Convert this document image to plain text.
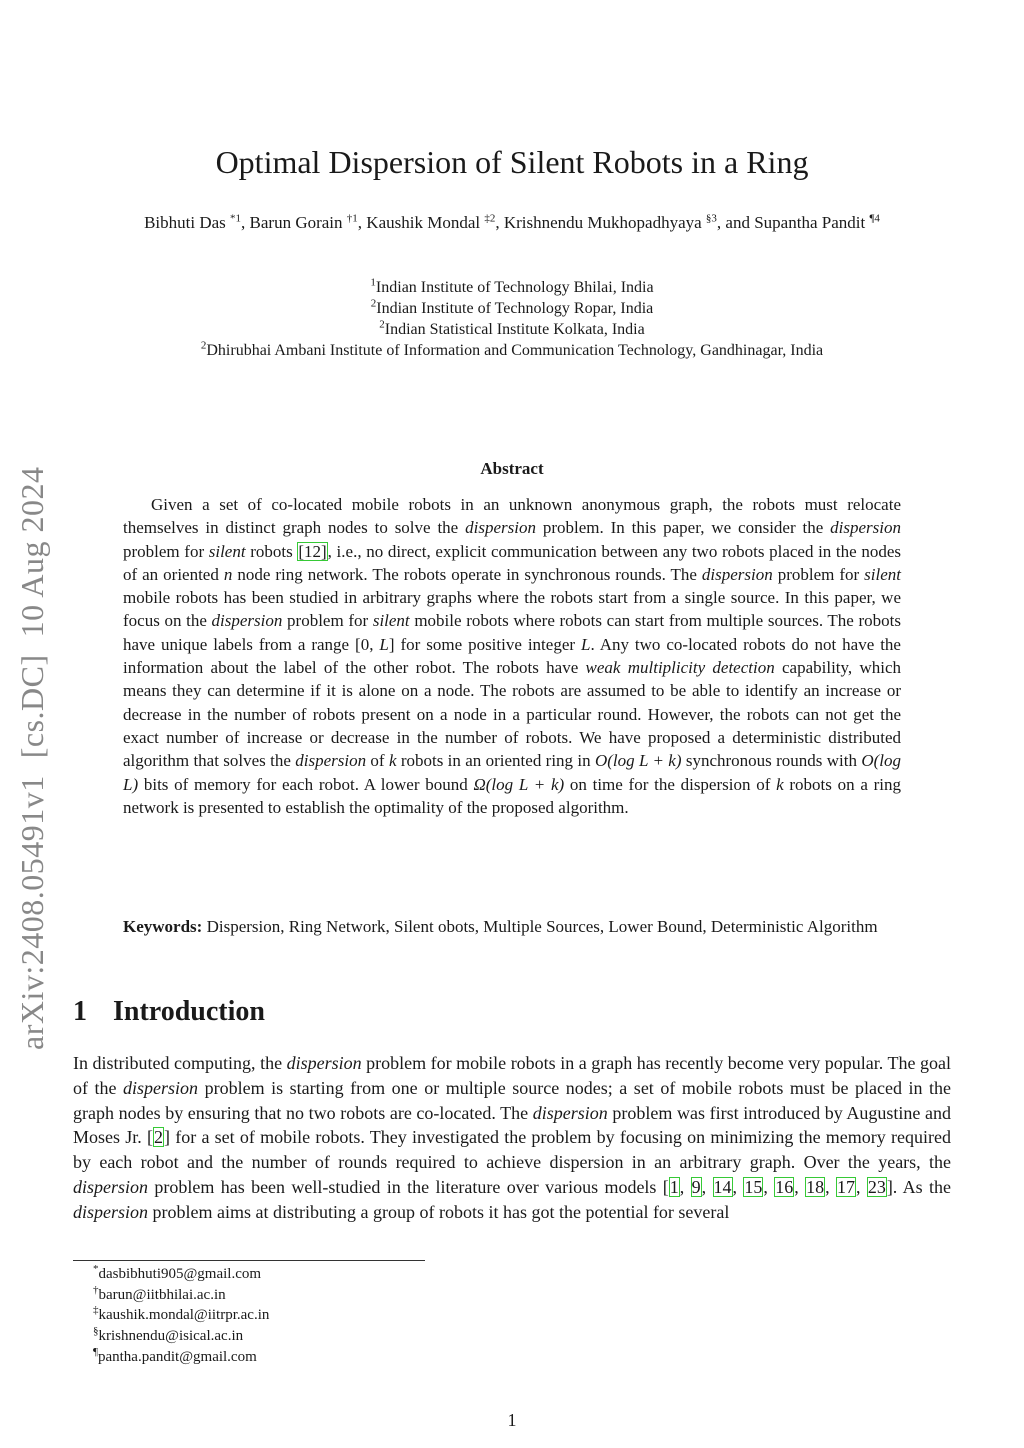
Optimal Dispersion of Silent Robots in a Ring
Bibhuti Das $^{*1}$, Barun Gorain $^{\dagger 1}$, Kaushik Mondal $^{\ddagger 2}$, Krishnendu Mukhopadhyaya $^{\S 3}$, and Supantha Pandit $^{\P 4}$
$^1$Indian Institute of Technology Bhilai, India
$^2$Indian Institute of Technology Ropar, India
$^2$Indian Statistical Institute Kolkata, India
$^2$Dhirubhai Ambani Institute of Information and Communication Technology, Gandhinagar, India
arXiv:2408.05491v1  [cs.DC]  10 Aug 2024	Abstract
Given a set of co-located mobile robots in an unknown anonymous graph, the robots must relocate themselves in distinct graph nodes to solve the dispersion problem. In this paper, we consider the dispersion problem for silent robots [12], i.e., no direct, explicit communication between any two robots placed in the nodes of an oriented n node ring network. The robots operate in synchronous rounds. The dispersion problem for silent mobile robots has been studied in arbitrary graphs where the robots start from a single source. In this paper, we focus on the dispersion problem for silent mobile robots where robots can start from multiple sources. The robots have unique labels from a range [0, L] for some positive integer L. Any two co-located robots do not have the information about the label of the other robot. The robots have weak multiplicity detection capability, which means they can determine if it is alone on a node. The robots are assumed to be able to identify an increase or decrease in the number of robots present on a node in a particular round. However, the robots can not get the exact number of increase or decrease in the number of robots. We have proposed a deterministic distributed algorithm that solves the dispersion of k robots in an oriented ring in O(log L + k) synchronous rounds with O(log L) bits of memory for each robot. A lower bound Ω(log L + k) on time for the dispersion of k robots on a ring network is presented to establish the optimality of the proposed algorithm.
Keywords: Dispersion, Ring Network, Silent obots, Multiple Sources, Lower Bound, Deterministic Algorithm
1 Introduction
In distributed computing, the dispersion problem for mobile robots in a graph has recently become very popular. The goal of the dispersion problem is starting from one or multiple source nodes; a set of mobile robots must be placed in the graph nodes by ensuring that no two robots are co-located. The dispersion problem was first introduced by Augustine and Moses Jr. [2] for a set of mobile robots. They investigated the problem by focusing on minimizing the memory required by each robot and the number of rounds required to achieve dispersion in an arbitrary graph. Over the years, the dispersion problem has been well-studied in the literature over various models [1, 9, 14, 15, 16, 18, 17, 23]. As the dispersion problem aims at distributing a group of robots it has got the potential for several
*dasbibhuti905@gmail.com
†barun@iitbhilai.ac.in
‡kaushik.mondal@iitrpr.ac.in
§krishnendu@isical.ac.in
¶pantha.pandit@gmail.com
1
